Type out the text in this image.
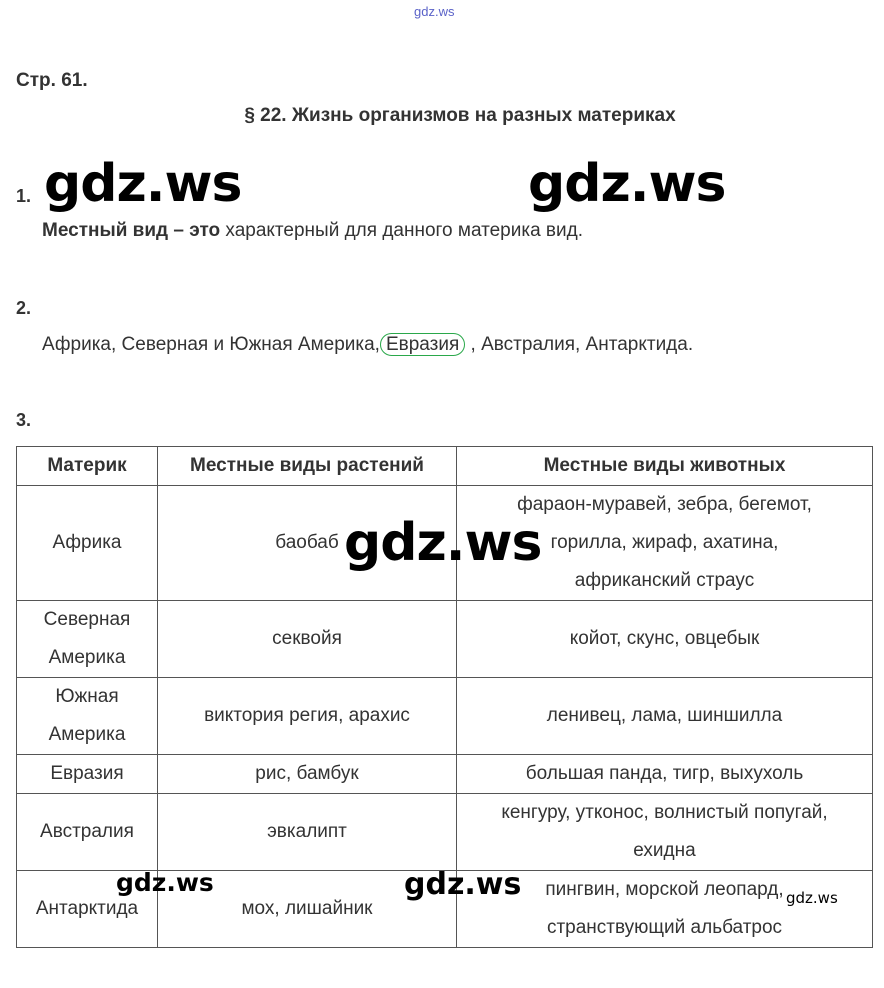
gdz.ws
Стр. 61.
§ 22. Жизнь организмов на разных материках
1. gdz.ws	gdz.ws
Местный вид – это характерный для данного материка вид.
2.
Африка, Северная и Южная Америка, Евразия , Австралия, Антарктида.
3.
Материк	Местные виды растений	Местные виды животных
Африка	баобаб	фараон-муравей, зебра, бегемот,
горилла, жираф, ахатина,
африканский страус
Северная
Америка	секвойя	койот, скунс, овцебык
Южная
Америка	виктория регия, арахис	ленивец, лама, шиншилла
Евразия	рис, бамбук	большая панда, тигр, выхухоль
Австралия	эвкалипт	кенгуру, утконос, волнистый попугай,
ехидна
Антарктида	мох, лишайник	пингвин, морской леопард,
странствующий альбатрос
gdz.ws
gdz.ws	gdz.ws	gdz.ws
